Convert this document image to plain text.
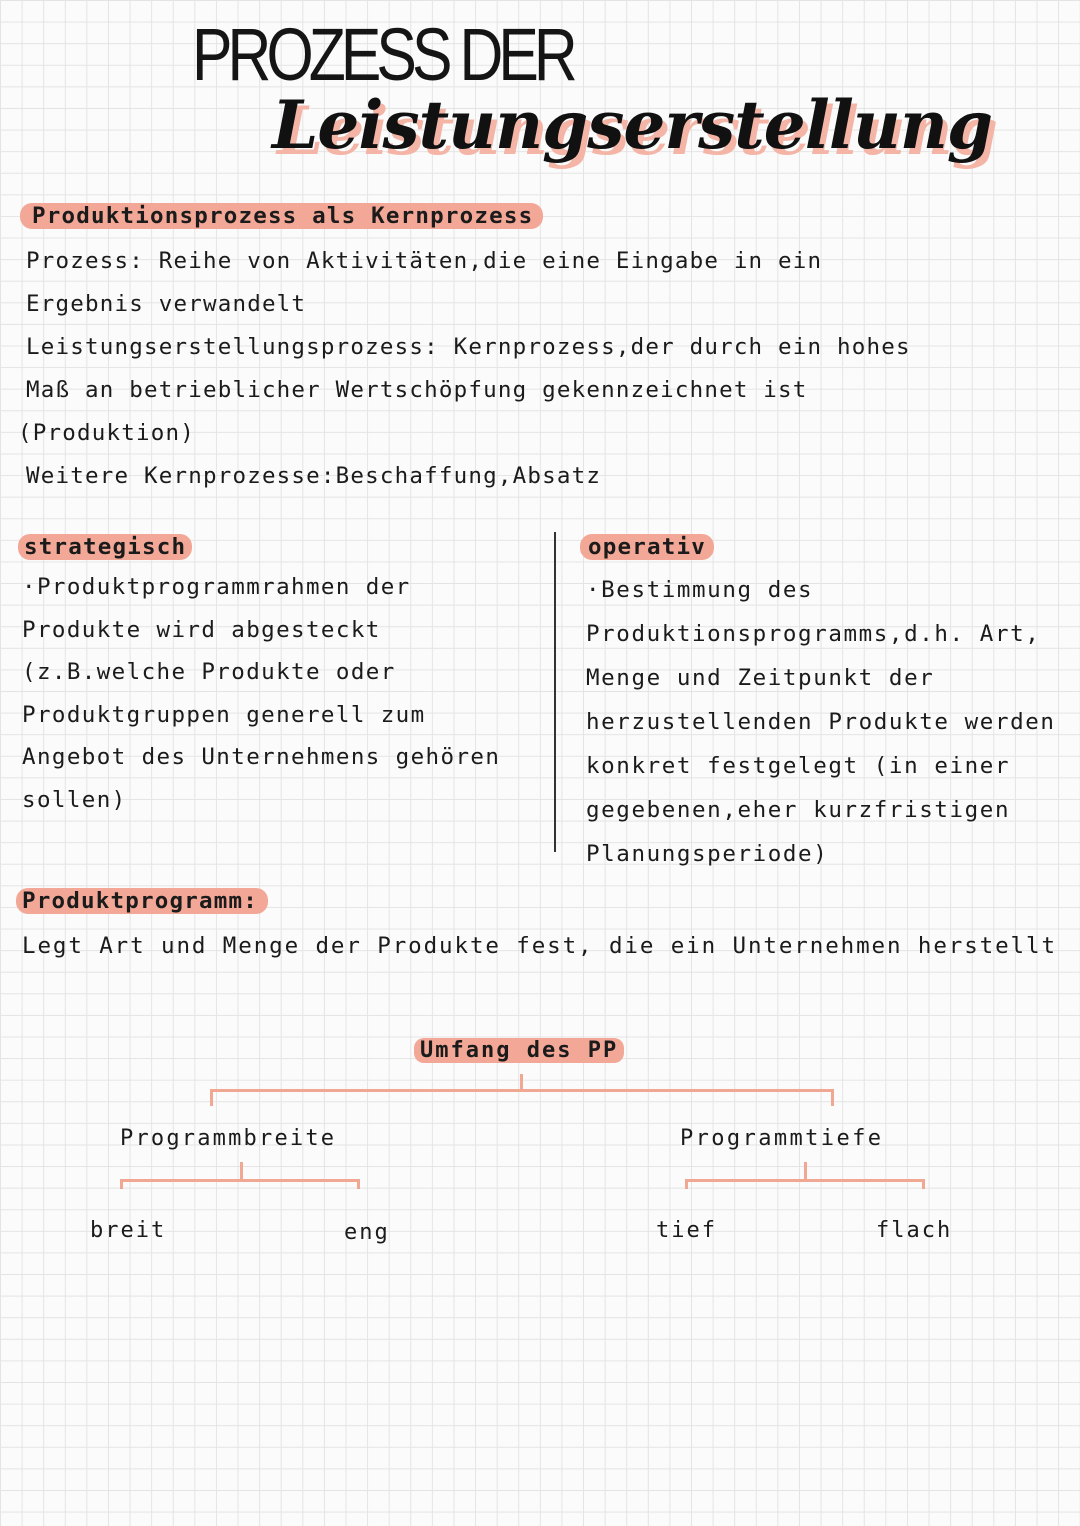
PROZESS DER
Leistungserstellung
Produktionsprozess als Kernprozess
Prozess: Reihe von Aktivitäten,die eine Eingabe in ein
Ergebnis verwandelt
Leistungserstellungsprozess: Kernprozess,der durch ein hohes
Maß an betrieblicher Wertschöpfung gekennzeichnet ist
(Produktion)
Weitere Kernprozesse:Beschaffung,Absatz
strategisch
·Produktprogrammrahmen der
Produkte wird abgesteckt
(z.B.welche Produkte oder
Produktgruppen generell zum
Angebot des Unternehmens gehören
sollen)
operativ
·Bestimmung des
Produktionsprogramms,d.h. Art,
Menge und Zeitpunkt der
herzustellenden Produkte werden
konkret festgelegt (in einer
gegebenen,eher kurzfristigen
Planungsperiode)
Produktprogramm:
Legt Art und Menge der Produkte fest, die ein Unternehmen herstellt
Umfang des PP
Programmbreite
breit	eng
Programmtiefe
tief	flach
